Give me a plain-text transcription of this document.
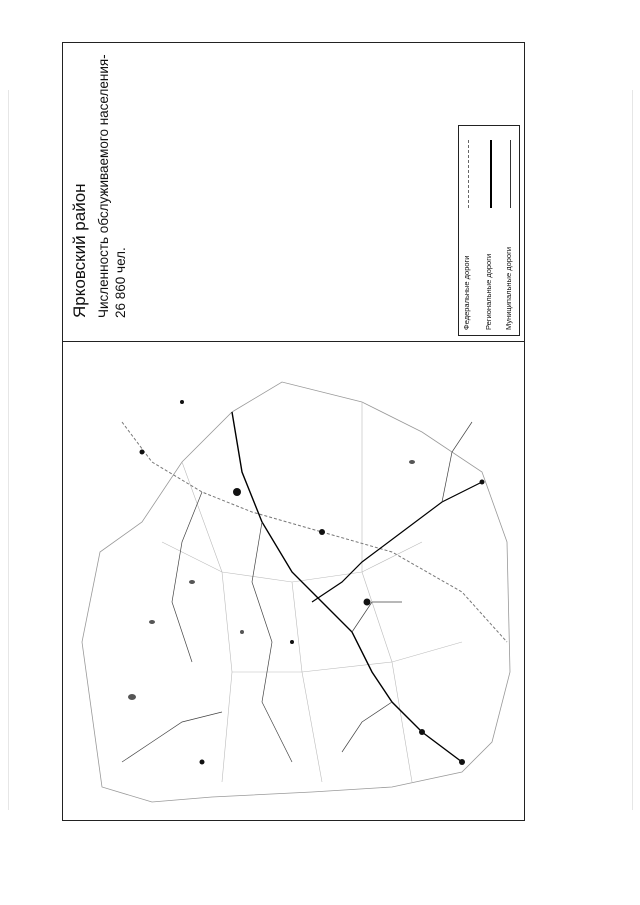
Ярковский район Численность обслуживаемого населения- 26 860 чел.	Федеральные дороги Региональные дороги Муниципальные дороги
